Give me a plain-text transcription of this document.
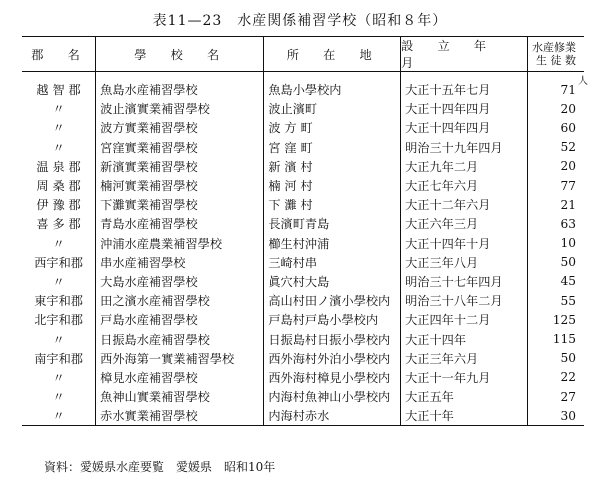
表11—23　水産関係補習学校（昭和８年）
郡　名	學　校　名	所　在　地	設　立　年　月	水産修業
生 徒 数
越 智 郡	魚島水産補習學校	魚島小學校内	大正十五年七月	71
〃	波止濱實業補習學校	波止濱町	大正十四年四月	20
〃	波方實業補習學校	波 方 町	大正十四年四月	60
〃	宮窪實業補習學校	宮 窪 町	明治三十九年四月	52
温 泉 郡	新濱實業補習學校	新 濱 村	大正九年二月	20
周 桑 郡	楠河實業補習學校	楠 河 村	大正七年六月	77
伊 豫 郡	下灘實業補習學校	下 灘 村	大正十二年六月	21
喜 多 郡	青島水産補習學校	長濱町青島	大正六年三月	63
〃	沖浦水産農業補習學校	櫛生村沖浦	大正十四年十月	10
西宇和郡	串水産補習學校	三崎村串	大正三年八月	50
〃	大島水産補習學校	眞穴村大島	明治三十七年四月	45
東宇和郡	田之濱水産補習學校	高山村田ノ濱小學校内	明治三十八年二月	55
北宇和郡	戸島水産補習學校	戸島村戸島小學校内	大正四年十二月	125
〃	日振島水産補習學校	日振島村日振小學校内	大正十四年	115
南宇和郡	西外海第一實業補習學校	西外海村外泊小學校内	大正三年六月	50
〃	樟見水産補習學校	西外海村樟見小學校内	大正十一年九月	22
〃	魚神山實業補習學校	内海村魚神山小學校内	大正五年	27
〃	赤水實業補習學校	内海村赤水	大正十年	30
人
資料：愛媛県水産要覧　愛媛県　昭和10年
